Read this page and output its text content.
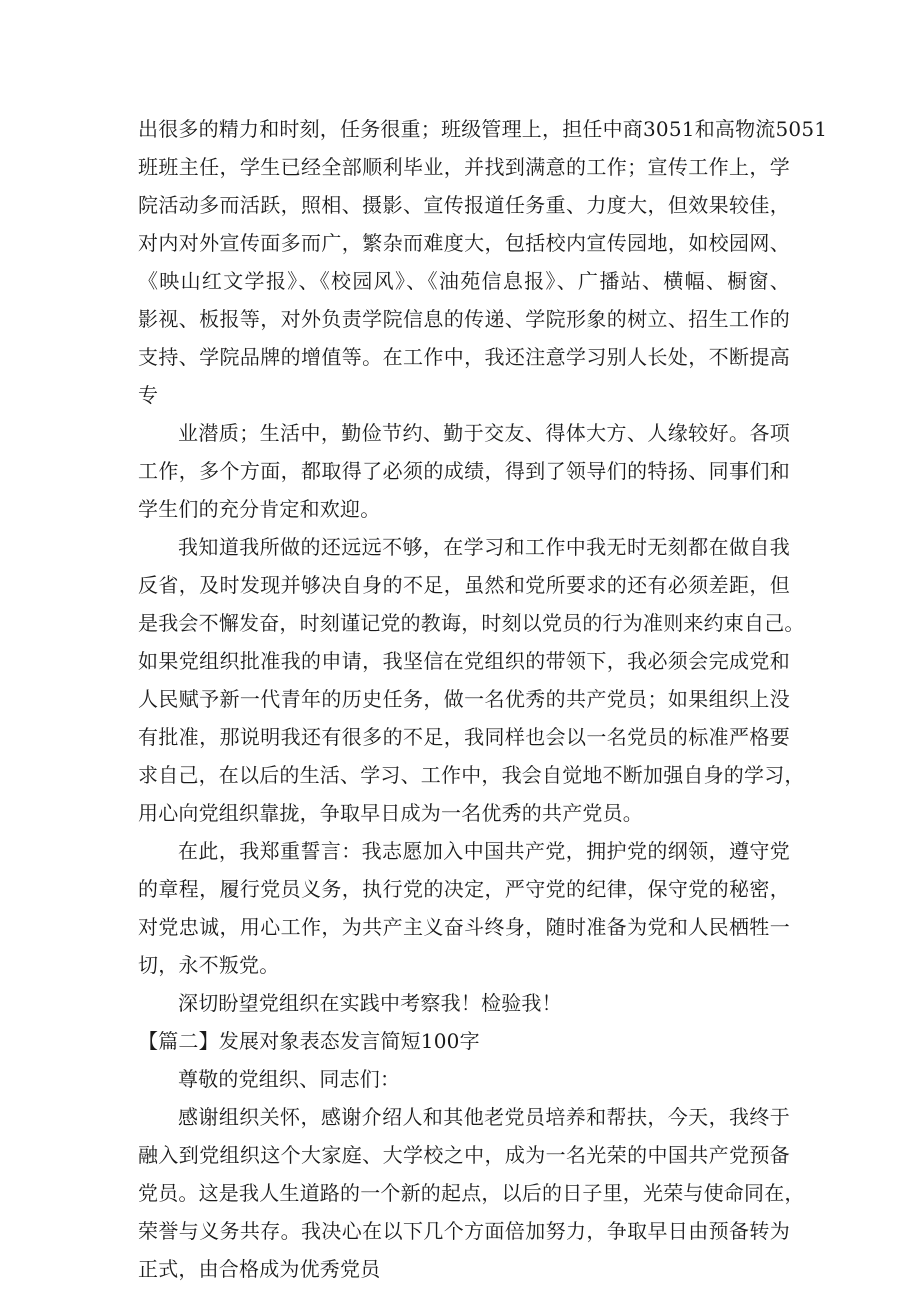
出很多的精力和时刻，任务很重；班级管理上，担任中商3051和高物流5051
班班主任，学生已经全部顺利毕业，并找到满意的工作；宣传工作上，学
院活动多而活跃，照相、摄影、宣传报道任务重、力度大，但效果较佳，
对内对外宣传面多而广，繁杂而难度大，包括校内宣传园地，如校园网、
《映山红文学报》、《校园风》、《油苑信息报》、广播站、横幅、橱窗、
影视、板报等，对外负责学院信息的传递、学院形象的树立、招生工作的
支持、学院品牌的增值等。在工作中，我还注意学习别人长处，不断提高
专
业潜质；生活中，勤俭节约、勤于交友、得体大方、人缘较好。各项
工作，多个方面，都取得了必须的成绩，得到了领导们的特扬、同事们和
学生们的充分肯定和欢迎。
我知道我所做的还远远不够，在学习和工作中我无时无刻都在做自我
反省，及时发现并够决自身的不足，虽然和党所要求的还有必须差距，但
是我会不懈发奋，时刻谨记党的教诲，时刻以党员的行为准则来约束自己。
如果党组织批准我的申请，我坚信在党组织的带领下，我必须会完成党和
人民赋予新一代青年的历史任务，做一名优秀的共产党员；如果组织上没
有批准，那说明我还有很多的不足，我同样也会以一名党员的标准严格要
求自己，在以后的生活、学习、工作中，我会自觉地不断加强自身的学习，
用心向党组织靠拢，争取早日成为一名优秀的共产党员。
在此，我郑重誓言：我志愿加入中国共产党，拥护党的纲领，遵守党
的章程，履行党员义务，执行党的决定，严守党的纪律，保守党的秘密，
对党忠诚，用心工作，为共产主义奋斗终身，随时准备为党和人民栖牲一
切，永不叛党。
深切盼望党组织在实践中考察我！检验我！
【篇二】发展对象表态发言简短100字
尊敬的党组织、同志们：
感谢组织关怀，感谢介绍人和其他老党员培养和帮扶，今天，我终于
融入到党组织这个大家庭、大学校之中，成为一名光荣的中国共产党预备
党员。这是我人生道路的一个新的起点，以后的日子里，光荣与使命同在，
荣誉与义务共存。我决心在以下几个方面倍加努力，争取早日由预备转为
正式，由合格成为优秀党员
